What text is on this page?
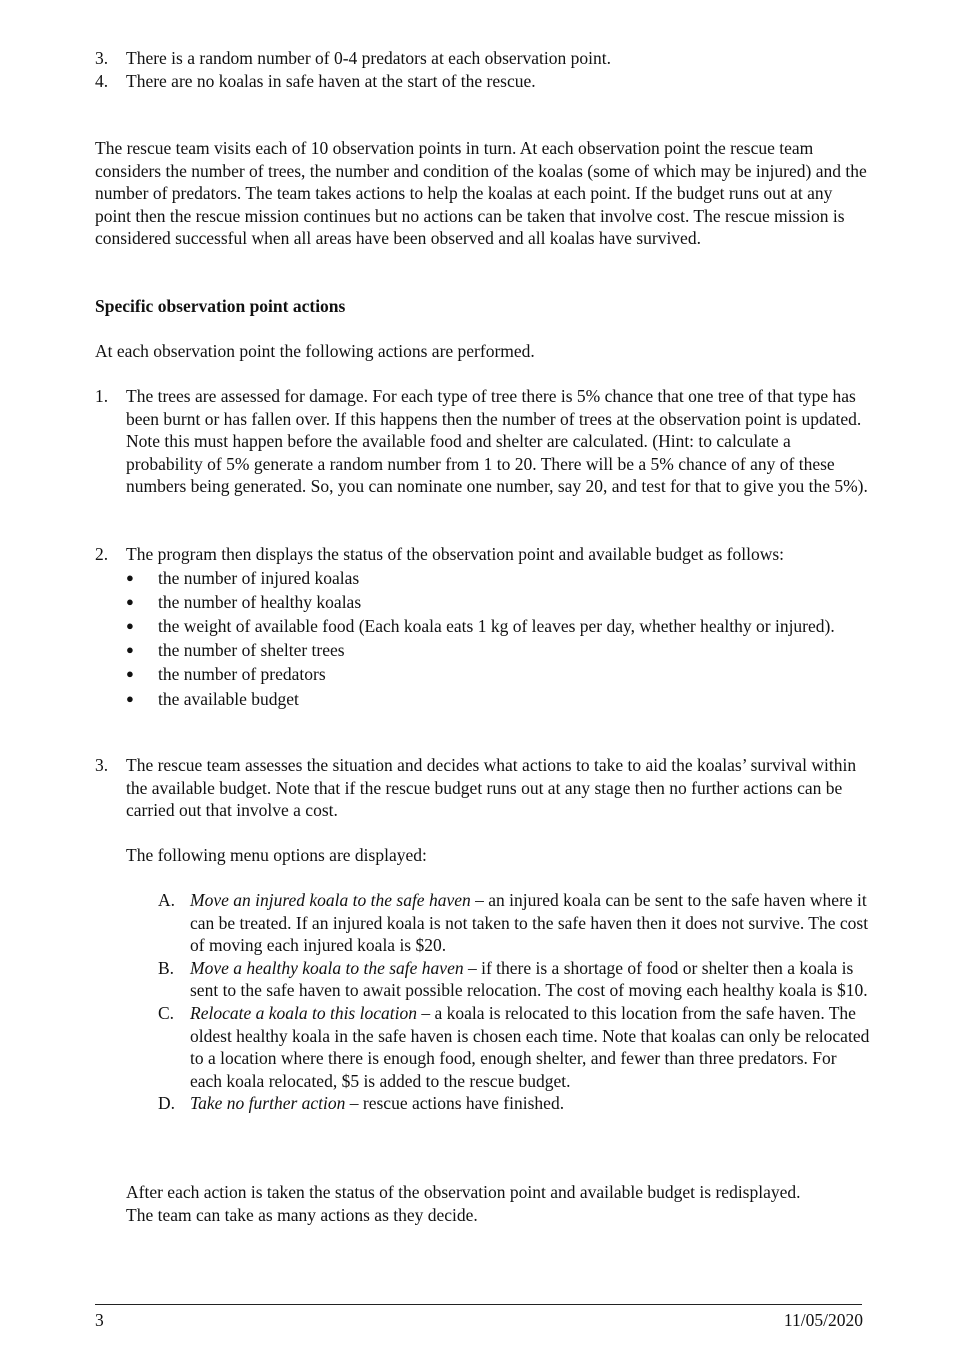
3. There is a random number of 0-4 predators at each observation point.
4. There are no koalas in safe haven at the start of the rescue.

The rescue team visits each of 10 observation points in turn. At each observation point the rescue team considers the number of trees, the number and condition of the koalas (some of which may be injured) and the number of predators. The team takes actions to help the koalas at each point. If the budget runs out at any point then the rescue mission continues but no actions can be taken that involve cost. The rescue mission is considered successful when all areas have been observed and all koalas have survived.

Specific observation point actions
At each observation point the following actions are performed.
1. The trees are assessed for damage. For each type of tree there is 5% chance that one tree of that type has been burnt or has fallen over. If this happens then the number of trees at the observation point is updated. Note this must happen before the available food and shelter are calculated. (Hint: to calculate a probability of 5% generate a random number from 1 to 20. There will be a 5% chance of any of these numbers being generated. So, you can nominate one number, say 20, and test for that to give you the 5%).
2. The program then displays the status of the observation point and available budget as follows:
● the number of injured koalas
● the number of healthy koalas
● the weight of available food (Each koala eats 1 kg of leaves per day, whether healthy or injured).
● the number of shelter trees
● the number of predators
● the available budget
3. The rescue team assesses the situation and decides what actions to take to aid the koalas’ survival within the available budget. Note that if the rescue budget runs out at any stage then no further actions can be carried out that involve a cost.
The following menu options are displayed:
A. Move an injured koala to the safe haven – an injured koala can be sent to the safe haven where it can be treated. If an injured koala is not taken to the safe haven then it does not survive. The cost of moving each injured koala is $20.
B. Move a healthy koala to the safe haven – if there is a shortage of food or shelter then a koala is sent to the safe haven to await possible relocation. The cost of moving each healthy koala is $10.
C. Relocate a koala to this location – a koala is relocated to this location from the safe haven. The oldest healthy koala in the safe haven is chosen each time. Note that koalas can only be relocated to a location where there is enough food, enough shelter, and fewer than three predators. For each koala relocated, $5 is added to the rescue budget.
D. Take no further action – rescue actions have finished.
After each action is taken the status of the observation point and available budget is redisplayed. The team can take as many actions as they decide.
3	11/05/2020
